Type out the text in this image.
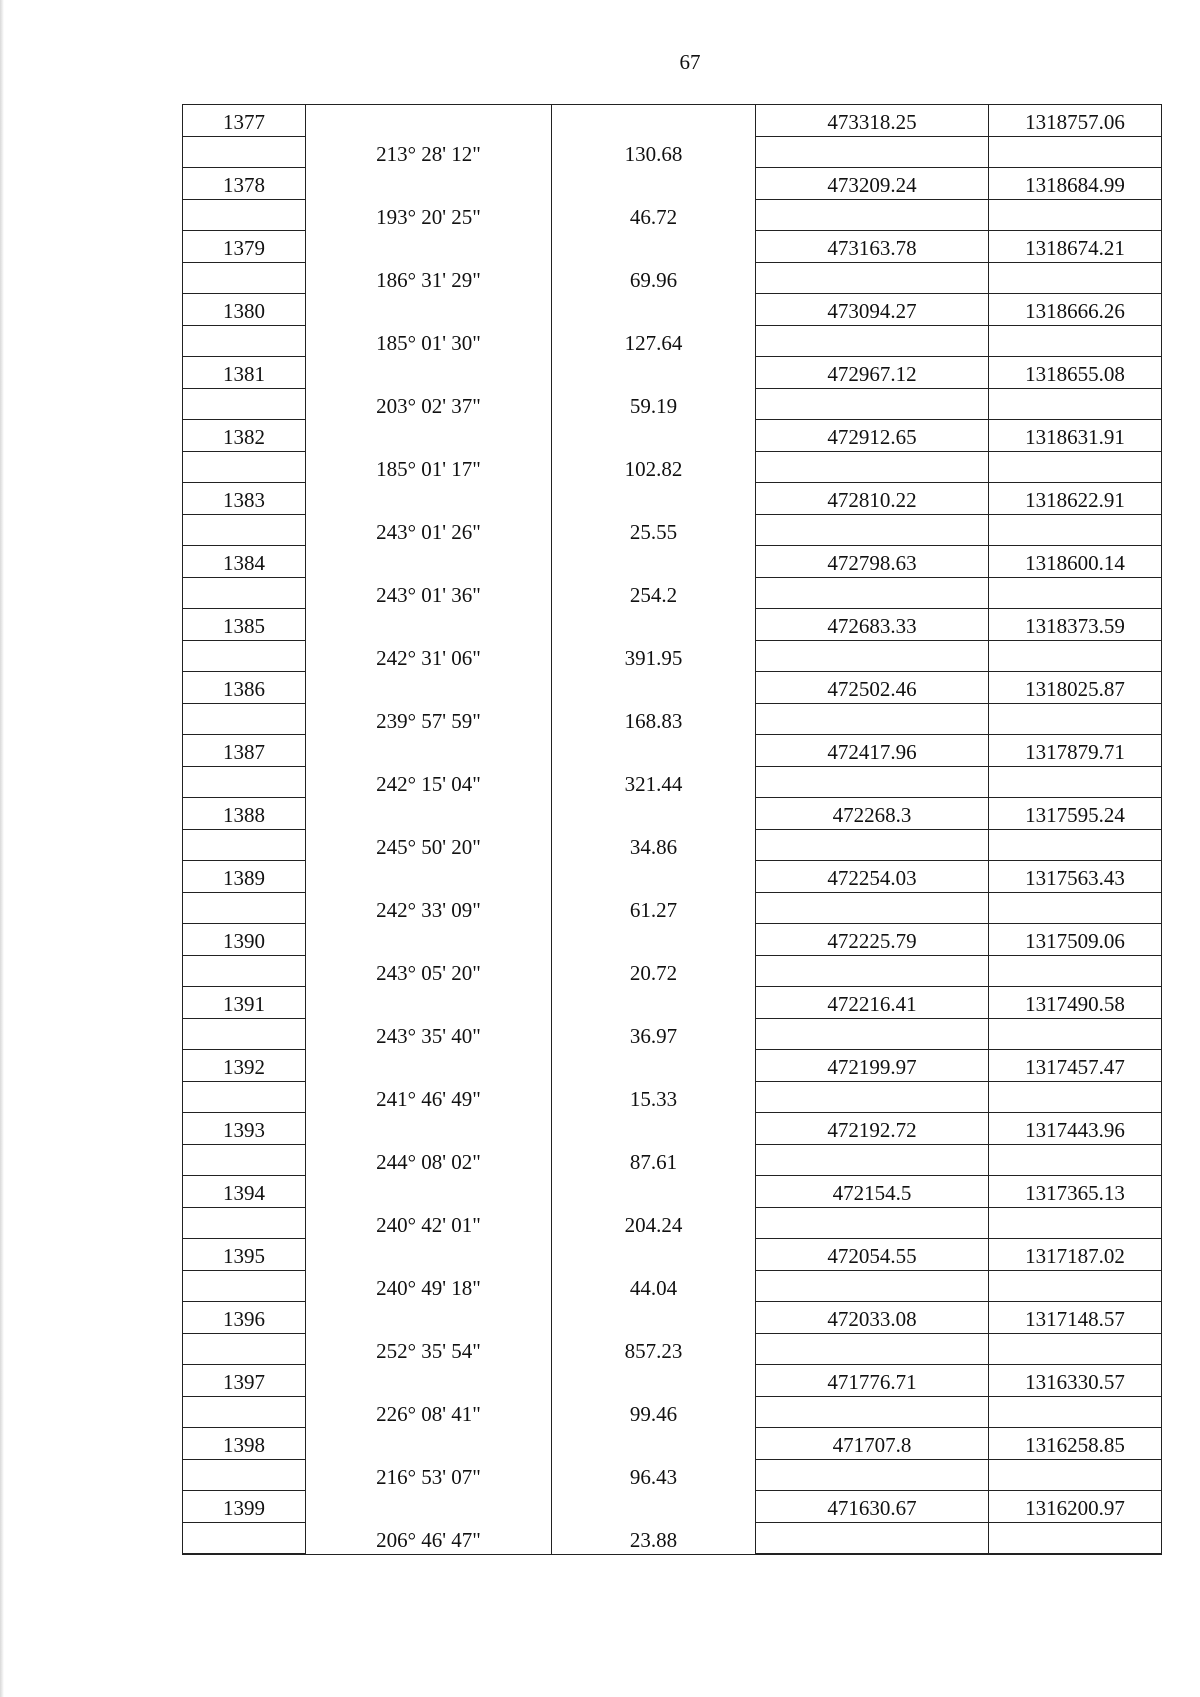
67
1377
1378
1379
1380
1381
1382
1383
1384
1385
1386
1387
1388
1389
1390
1391
1392
1393
1394
1395
1396
1397
1398
1399
213° 28' 12"
193° 20' 25"
186° 31' 29"
185° 01' 30"
203° 02' 37"
185° 01' 17"
243° 01' 26"
243° 01' 36"
242° 31' 06"
239° 57' 59"
242° 15' 04"
245° 50' 20"
242° 33' 09"
243° 05' 20"
243° 35' 40"
241° 46' 49"
244° 08' 02"
240° 42' 01"
240° 49' 18"
252° 35' 54"
226° 08' 41"
216° 53' 07"
206° 46' 47"
130.68
46.72
69.96
127.64
59.19
102.82
25.55
254.2
391.95
168.83
321.44
34.86
61.27
20.72
36.97
15.33
87.61
204.24
44.04
857.23
99.46
96.43
23.88
473318.25
473209.24
473163.78
473094.27
472967.12
472912.65
472810.22
472798.63
472683.33
472502.46
472417.96
472268.3
472254.03
472225.79
472216.41
472199.97
472192.72
472154.5
472054.55
472033.08
471776.71
471707.8
471630.67
1318757.06
1318684.99
1318674.21
1318666.26
1318655.08
1318631.91
1318622.91
1318600.14
1318373.59
1318025.87
1317879.71
1317595.24
1317563.43
1317509.06
1317490.58
1317457.47
1317443.96
1317365.13
1317187.02
1317148.57
1316330.57
1316258.85
1316200.97
